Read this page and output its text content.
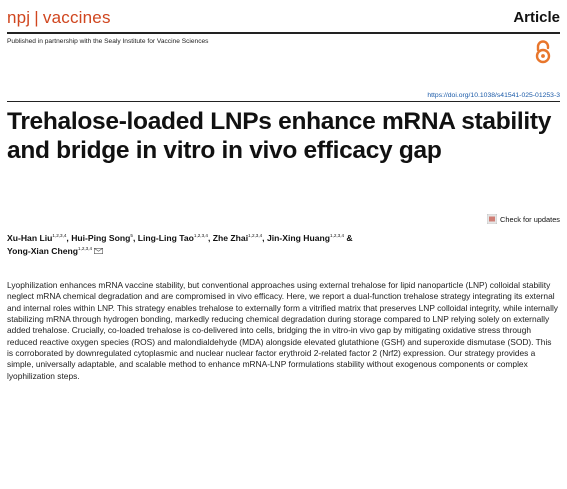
npj | vaccines	Article
Published in partnership with the Sealy Institute for Vaccine Sciences
https://doi.org/10.1038/s41541-025-01253-3
Trehalose-loaded LNPs enhance mRNA stability and bridge in vitro in vivo efficacy gap
Check for updates
Xu-Han Liu$^{1,2,3,4}$, Hui-Ping Song$^5$, Ling-Ling Tao$^{1,2,3,4}$, Zhe Zhai$^{1,2,3,4}$, Jin-Xing Huang$^{1,2,3,4}$ &
Yong-Xian Cheng$^{1,2,3,4}$
Lyophilization enhances mRNA vaccine stability, but conventional approaches using external trehalose for lipid nanoparticle (LNP) colloidal stability neglect mRNA chemical degradation and are compromised in vivo efficacy. Here, we report a dual-function trehalose strategy integrating its external and internal roles within LNP. This strategy enables trehalose to externally form a vitrified matrix that preserves LNP colloidal integrity, while internally stabilizing mRNA through hydrogen bonding, markedly reducing chemical degradation during storage compared to LNP relying solely on externally added trehalose. Crucially, co-loaded trehalose is co-delivered into cells, bridging the in vitro-in vivo gap by mitigating oxidative stress through reduced reactive oxygen species (ROS) and malondialdehyde (MDA) alongside elevated glutathione (GSH) and superoxide dismutase (SOD). This is corroborated by downregulated cytoplasmic and nuclear nuclear factor erythroid 2-related factor 2 (Nrf2) expression. Our strategy provides a simple, universally adaptable, and scalable method to enhance mRNA-LNP formulations stability without exogenous components or complex lyophilization steps.
